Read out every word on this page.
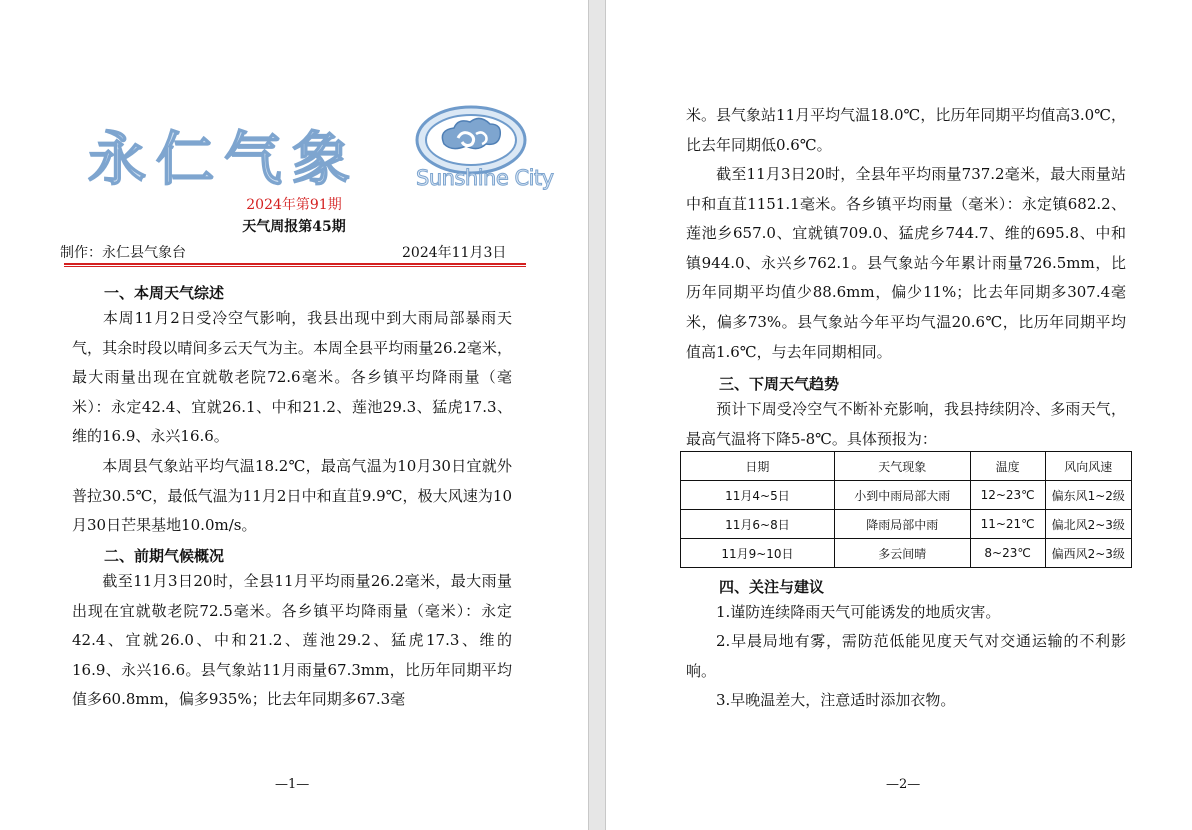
永仁气象	Sunshine City
2024年第91期
天气周报第45期
制作：永仁县气象台	2024年11月3日
一、本周天气综述
本周11月2日受冷空气影响，我县出现中到大雨局部暴雨天气，其余时段以晴间多云天气为主。本周全县平均雨量26.2毫米，最大雨量出现在宜就敬老院72.6毫米。各乡镇平均降雨量（毫米）：永定42.4、宜就26.1、中和21.2、莲池29.3、猛虎17.3、维的16.9、永兴16.6。
本周县气象站平均气温18.2℃，最高气温为10月30日宜就外普拉30.5℃，最低气温为11月2日中和直苴9.9℃，极大风速为10月30日芒果基地10.0m/s。
二、前期气候概况
截至11月3日20时，全县11月平均雨量26.2毫米，最大雨量出现在宜就敬老院72.5毫米。各乡镇平均降雨量（毫米）：永定42.4、宜就26.0、中和21.2、莲池29.2、猛虎17.3、维的16.9、永兴16.6。县气象站11月雨量67.3mm，比历年同期平均值多60.8mm，偏多935%；比去年同期多67.3毫
—1—
米。县气象站11月平均气温18.0℃，比历年同期平均值高3.0℃，比去年同期低0.6℃。
截至11月3日20时，全县年平均雨量737.2毫米，最大雨量站中和直苴1151.1毫米。各乡镇平均雨量（毫米）：永定镇682.2、莲池乡657.0、宜就镇709.0、猛虎乡744.7、维的695.8、中和镇944.0、永兴乡762.1。县气象站今年累计雨量726.5mm，比历年同期平均值少88.6mm，偏少11%；比去年同期多307.4毫米，偏多73%。县气象站今年平均气温20.6℃，比历年同期平均值高1.6℃，与去年同期相同。
三、下周天气趋势
预计下周受冷空气不断补充影响，我县持续阴冷、多雨天气，最高气温将下降5-8℃。具体预报为：
日期	天气现象	温度	风向风速
11月4~5日	小到中雨局部大雨	12~23℃	偏东风1~2级
11月6~8日	降雨局部中雨	11~21℃	偏北风2~3级
11月9~10日	多云间晴	8~23℃	偏西风2~3级
四、关注与建议
1.谨防连续降雨天气可能诱发的地质灾害。
2.早晨局地有雾，需防范低能见度天气对交通运输的不利影响。
3.早晚温差大，注意适时添加衣物。
—2—
